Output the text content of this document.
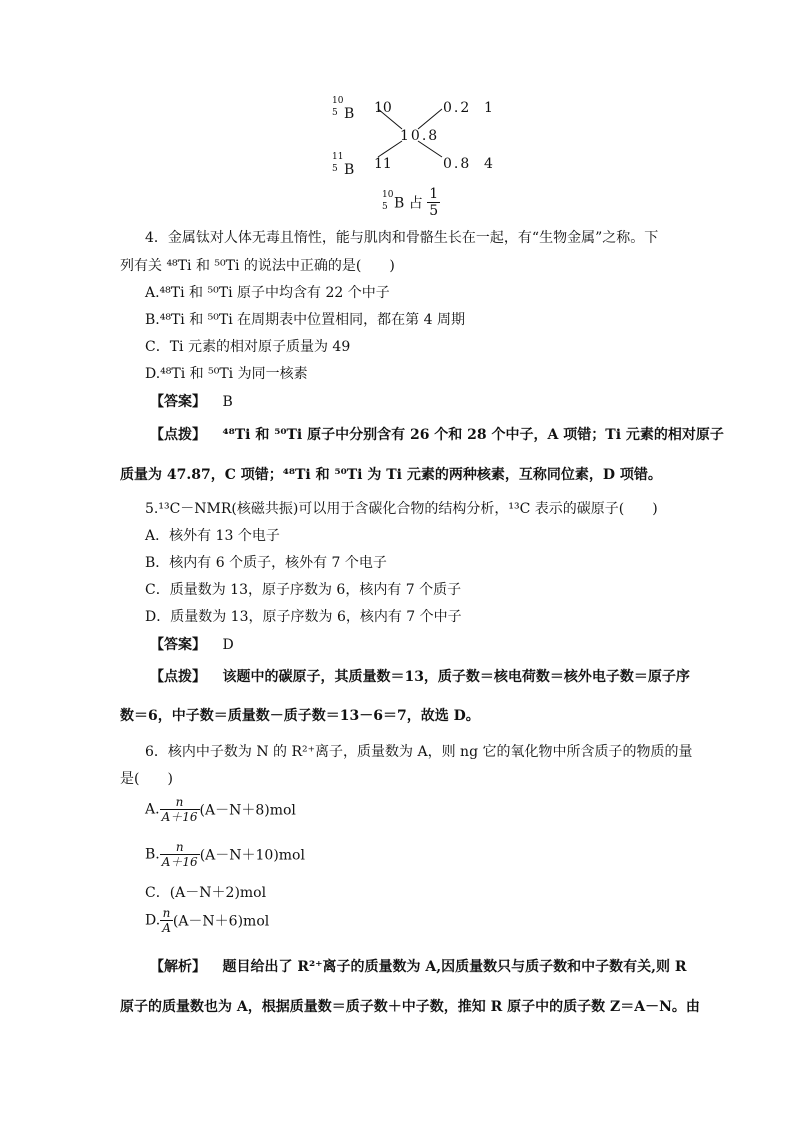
10
5 B 10	0.2 1
10.8
11
5 B 11	0.8 4
10
5 B 占 $\frac{1}{5}$
4．金属钛对人体无毒且惰性，能与肌肉和骨骼生长在一起，有“生物金属”之称。下
列有关 ⁴⁸Ti 和 ⁵⁰Ti 的说法中正确的是(　　)
A.⁴⁸Ti 和 ⁵⁰Ti 原子中均含有 22 个中子
B.⁴⁸Ti 和 ⁵⁰Ti 在周期表中位置相同，都在第 4 周期
C．Ti 元素的相对原子质量为 49
D.⁴⁸Ti 和 ⁵⁰Ti 为同一核素
【答案】 B
【点拨】 ⁴⁸Ti 和 ⁵⁰Ti 原子中分别含有 26 个和 28 个中子，A 项错；Ti 元素的相对原子
质量为 47.87，C 项错；⁴⁸Ti 和 ⁵⁰Ti 为 Ti 元素的两种核素，互称同位素，D 项错。
5.¹³C－NMR(核磁共振)可以用于含碳化合物的结构分析，¹³C 表示的碳原子(　　)
A．核外有 13 个电子
B．核内有 6 个质子，核外有 7 个电子
C．质量数为 13，原子序数为 6，核内有 7 个质子
D．质量数为 13，原子序数为 6，核内有 7 个中子
【答案】 D
【点拨】 该题中的碳原子，其质量数＝13，质子数＝核电荷数＝核外电子数＝原子序
数＝6，中子数＝质量数－质子数＝13－6＝7，故选 D。
6．核内中子数为 N 的 R²⁺离子，质量数为 A，则 ng 它的氧化物中所含质子的物质的量
是(　　)
A. $\frac{n}{A+16} (A-N+8)mol$
B. $\frac{n}{A+16} (A-N+10)mol$
C．(A－N＋2)mol
D. $\frac{n}{A} (A-N+6)mol$
【解析】 题目给出了 R²⁺离子的质量数为 A,因质量数只与质子数和中子数有关,则 R
原子的质量数也为 A，根据质量数＝质子数＋中子数，推知 R 原子中的质子数 Z＝A－N。由
